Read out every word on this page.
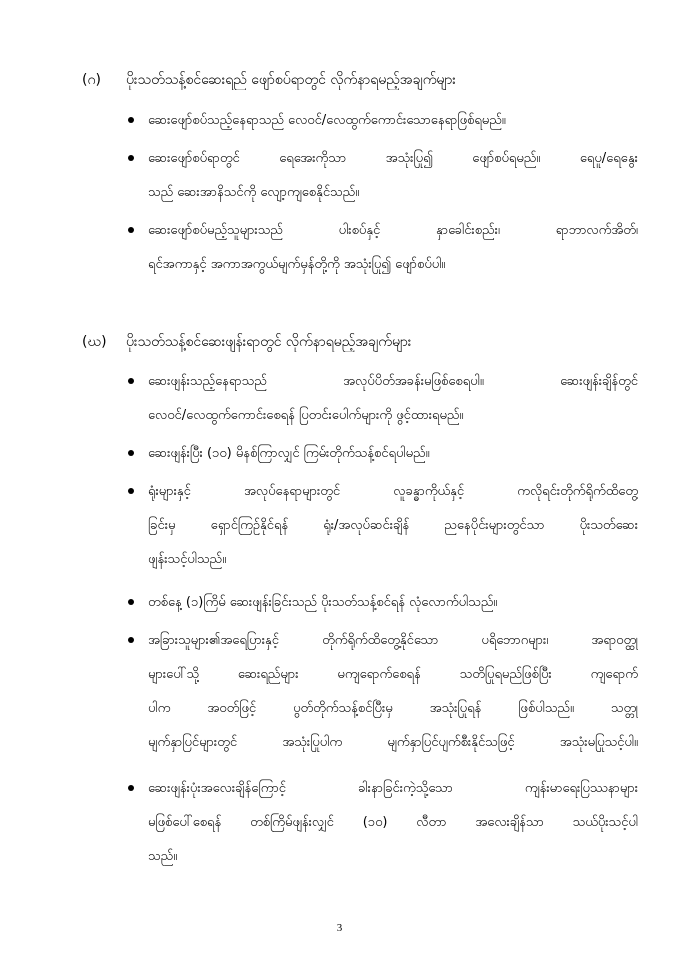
(ဂ) ပိုးသတ်သန့်စင်ဆေးရည် ဖျော်စပ်ရာတွင် လိုက်နာရမည့်အချက်များ
ဆေးဖျော်စပ်သည့်နေရာသည် လေဝင်/လေထွက်ကောင်းသောနေရာဖြစ်ရမည်။
ဆေးဖျော်စပ်ရာတွင် ရေအေးကိုသာ အသုံးပြု၍ ဖျော်စပ်ရမည်။ ရေပူ/ရေနွေး
သည် ဆေးအာနိသင်ကို လျော့ကျစေနိုင်သည်။
ဆေးဖျော်စပ်မည့်သူများသည် ပါးစပ်နှင့် နှာခေါင်းစည်း၊ ရာဘာလက်အိတ်၊
ရင်အကာနှင့် အကာအကွယ်မျက်မှန်တို့ကို အသုံးပြု၍ ဖျော်စပ်ပါ။
(ဃ) ပိုးသတ်သန့်စင်ဆေးဖျန်းရာတွင် လိုက်နာရမည့်အချက်များ
ဆေးဖျန်းသည့်နေရာသည် အလုပ်ပိတ်အခန်းမဖြစ်စေရပါ။ ဆေးဖျန်းချိန်တွင်
လေဝင်/လေထွက်ကောင်းစေရန် ပြတင်းပေါက်များကို ဖွင့်ထားရမည်။
ဆေးဖျန်းပြီး (၁၀) မိနစ်ကြာလျှင် ကြမ်းတိုက်သန့်စင်ရပါမည်။
ရုံးများနှင့် အလုပ်နေရာများတွင် လူခန္ဓာကိုယ်နှင့် ကလိုရင်းတိုက်ရိုက်ထိတွေ့
ခြင်းမှ ရှောင်ကြဉ်နိုင်ရန် ရုံး/အလုပ်ဆင်းချိန် ညနေပိုင်းများတွင်သာ ပိုးသတ်ဆေး
ဖျန်းသင့်ပါသည်။
တစ်နေ့ (၁)ကြိမ် ဆေးဖျန်းခြင်းသည် ပိုးသတ်သန့်စင်ရန် လုံလောက်ပါသည်။
အခြားသူများ၏အရေပြားနှင့် တိုက်ရိုက်ထိတွေ့နိုင်သော ပရိဘောဂများ၊ အရာဝတ္ထု
များပေါ်သို့ ဆေးရည်များ မကျရောက်စေရန် သတိပြုရမည်ဖြစ်ပြီး ကျရောက်
ပါက အဝတ်ဖြင့် ပွတ်တိုက်သန့်စင်ပြီးမှ အသုံးပြုရန် ဖြစ်ပါသည်။ သတ္တု
မျက်နှာပြင်များတွင် အသုံးပြုပါက မျက်နှာပြင်ပျက်စီးနိုင်သဖြင့် အသုံးမပြုသင့်ပါ။
ဆေးဖျန်းပုံးအလေးချိန်ကြောင့် ခါးနာခြင်းကဲ့သို့သော ကျန်းမာရေးပြဿနာများ
မဖြစ်ပေါ်စေရန် တစ်ကြိမ်ဖျန်းလျှင် (၁၀) လီတာ အလေးချိန်သာ သယ်ပိုးသင့်ပါ
သည်။
3
